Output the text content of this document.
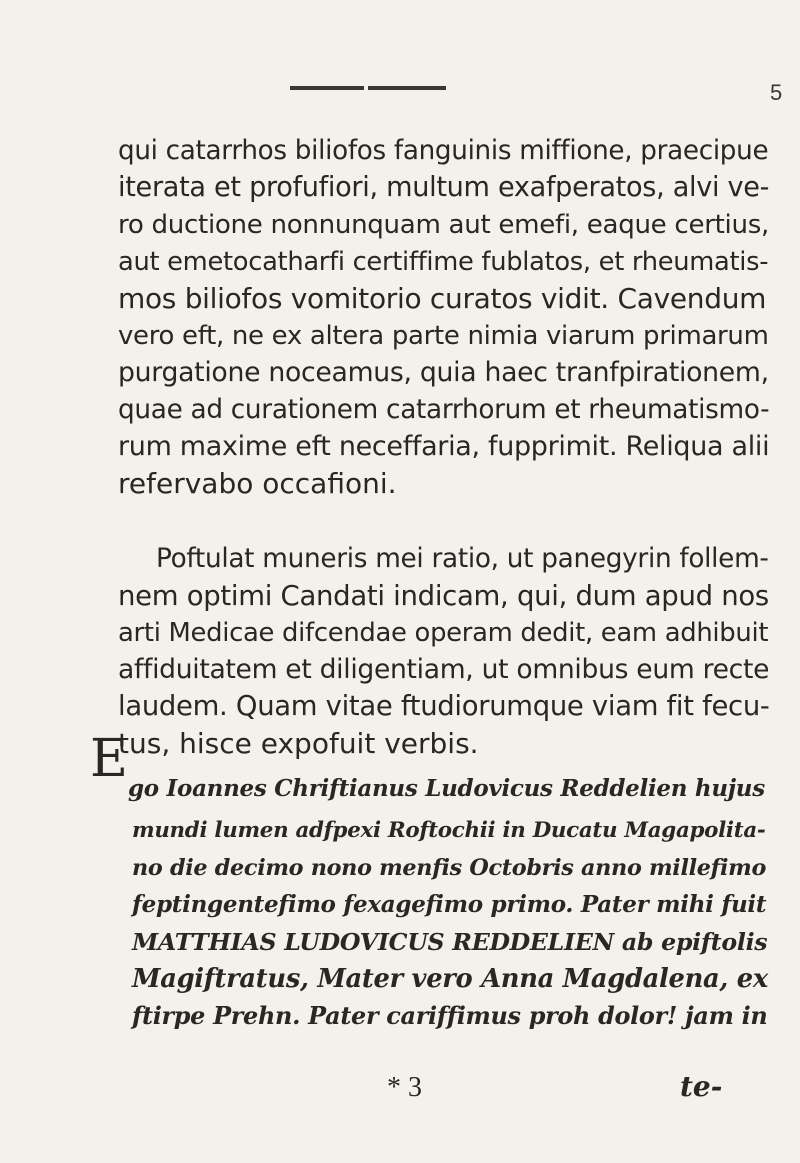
5
qui catarrhos biliofos fanguinis miffione, praecipue
iterata et profufiori, multum exafperatos, alvi ve-
ro ductione nonnunquam aut emefi, eaque certius,
aut emetocatharfi certiffime fublatos, et rheumatis-
mos biliofos vomitorio curatos vidit. Cavendum
vero eft, ne ex altera parte nimia viarum primarum
purgatione noceamus, quia haec tranfpirationem,
quae ad curationem catarrhorum et rheumatismo-
rum maxime eft neceffaria, fupprimit. Reliqua alii
refervabo occafioni.
Poftulat muneris mei ratio, ut panegyrin follem-
nem optimi Candati indicam, qui, dum apud nos
arti Medicae difcendae operam dedit, eam adhibuit
affiduitatem et diligentiam, ut omnibus eum recte
laudem. Quam vitae ftudiorumque viam fit fecu-
tus, hisce expofuit verbis.
E go Ioannes Chriftianus Ludovicus Reddelien hujus
mundi lumen adfpexi Roftochii in Ducatu Magapolita-
no die decimo nono menfis Octobris anno millefimo
feptingentefimo fexagefimo primo. Pater mihi fuit
MATTHIAS LUDOVICUS REDDELIEN ab epiftolis
Magiftratus, Mater vero Anna Magdalena, ex
ftirpe Prehn. Pater cariffimus proh dolor! jam in
* 3	te-
